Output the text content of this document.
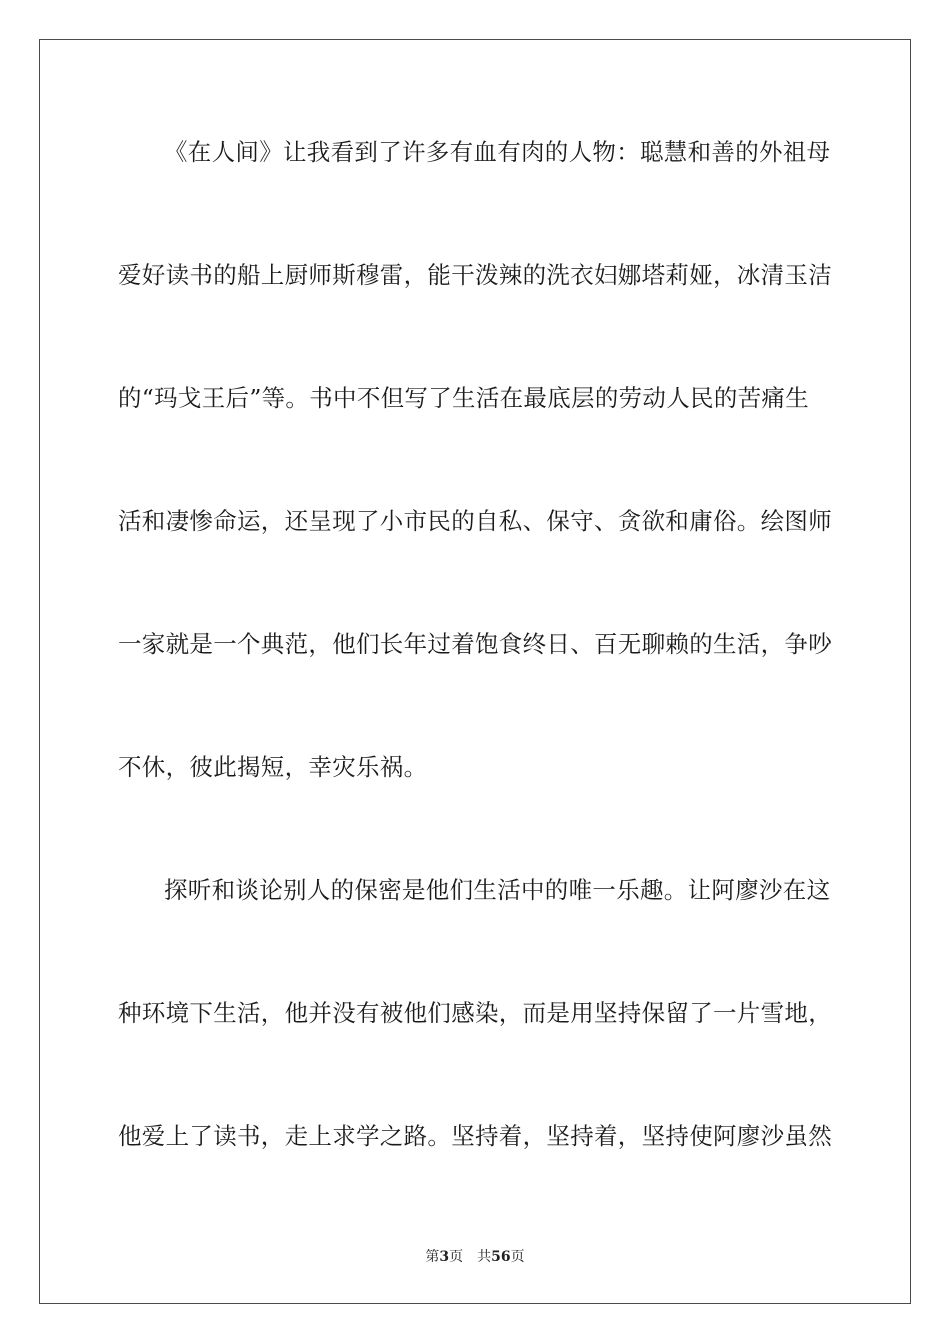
《在人间》让我看到了许多有血有肉的人物：聪慧和善的外祖母
爱好读书的船上厨师斯穆雷，能干泼辣的洗衣妇娜塔莉娅，冰清玉洁
的“玛戈王后”等。书中不但写了生活在最底层的劳动人民的苦痛生
活和凄惨命运，还呈现了小市民的自私、保守、贪欲和庸俗。绘图师
一家就是一个典范，他们长年过着饱食终日、百无聊赖的生活，争吵
不休，彼此揭短，幸灾乐祸。
探听和谈论别人的保密是他们生活中的唯一乐趣。让阿廖沙在这
种环境下生活，他并没有被他们感染，而是用坚持保留了一片雪地，
他爱上了读书，走上求学之路。坚持着，坚持着，坚持使阿廖沙虽然
第3页 共56页
